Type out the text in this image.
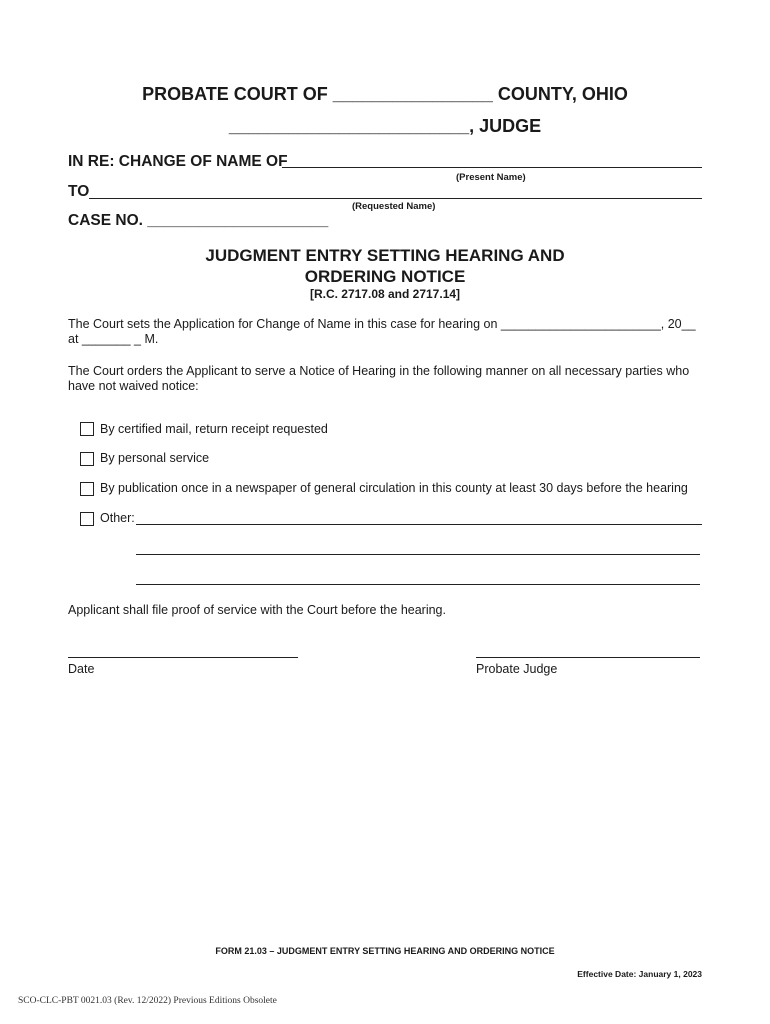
PROBATE COURT OF ________________ COUNTY, OHIO
________________________, JUDGE
IN RE: CHANGE OF NAME OF
(Present Name)
TO
(Requested Name)
CASE NO. _____________________
JUDGMENT ENTRY SETTING HEARING AND
ORDERING NOTICE
[R.C. 2717.08 and 2717.14]
The Court sets the Application for Change of Name in this case for hearing on _______________________, 20__
at _______ _ M.
The Court orders the Applicant to serve a Notice of Hearing in the following manner on all necessary parties who
have not waived notice:
By certified mail, return receipt requested
By personal service
By publication once in a newspaper of general circulation in this county at least 30 days before the hearing
Other:
Applicant shall file proof of service with the Court before the hearing.
Date	Probate Judge
FORM 21.03 – JUDGMENT ENTRY SETTING HEARING AND ORDERING NOTICE
Effective Date: January 1, 2023
SCO-CLC-PBT 0021.03 (Rev. 12/2022) Previous Editions Obsolete
